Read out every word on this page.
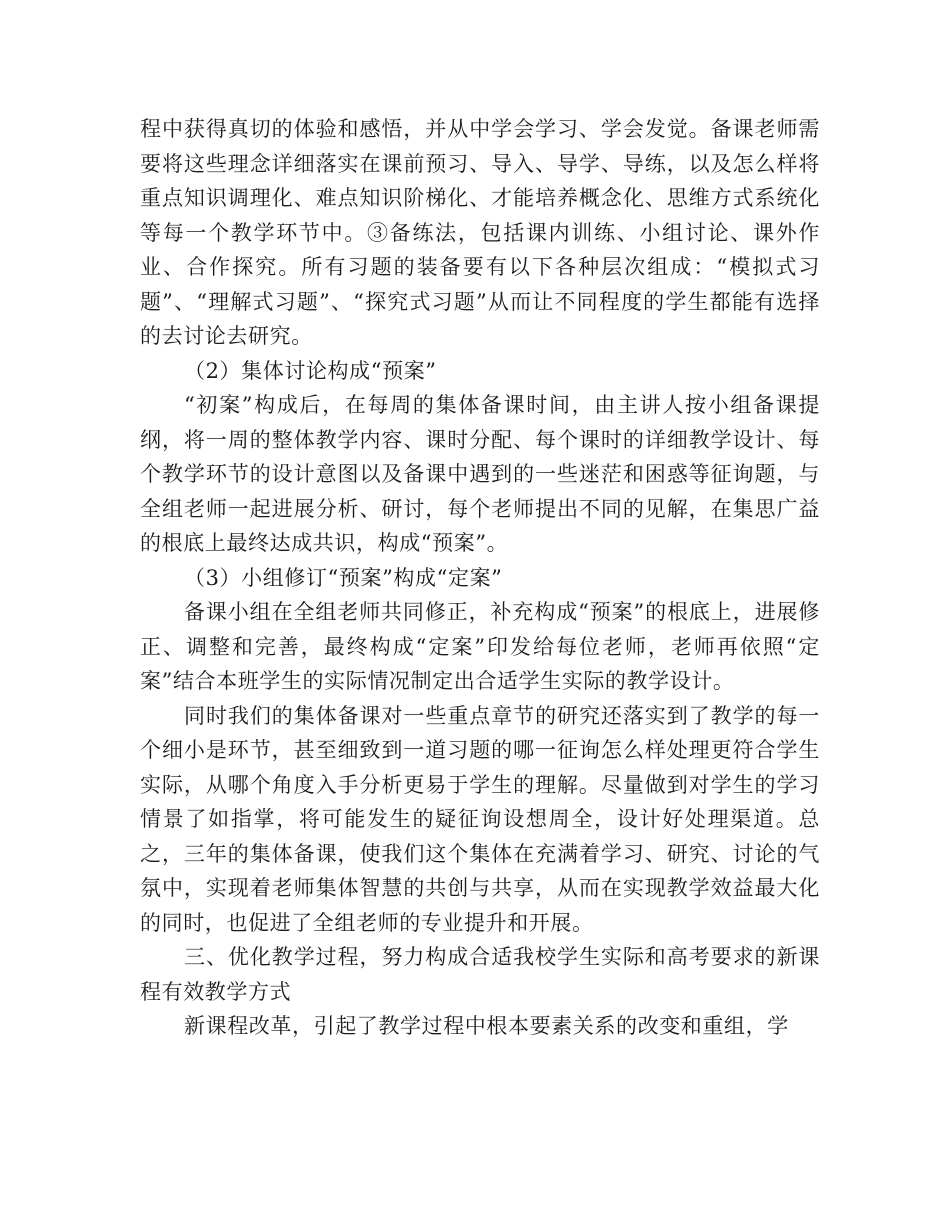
程中获得真切的体验和感悟，并从中学会学习、学会发觉。备课老师需要将这些理念详细落实在课前预习、导入、导学、导练，以及怎么样将重点知识调理化、难点知识阶梯化、才能培养概念化、思维方式系统化等每一个教学环节中。③备练法，包括课内训练、小组讨论、课外作业、合作探究。所有习题的装备要有以下各种层次组成：“模拟式习题”、“理解式习题”、“探究式习题”从而让不同程度的学生都能有选择的去讨论去研究。

（2）集体讨论构成“预案”

“初案”构成后，在每周的集体备课时间，由主讲人按小组备课提纲，将一周的整体教学内容、课时分配、每个课时的详细教学设计、每个教学环节的设计意图以及备课中遇到的一些迷茫和困惑等征询题，与全组老师一起进展分析、研讨，每个老师提出不同的见解，在集思广益的根底上最终达成共识，构成“预案”。

（3）小组修订“预案”构成“定案”

备课小组在全组老师共同修正，补充构成“预案”的根底上，进展修正、调整和完善，最终构成“定案”印发给每位老师，老师再依照“定案”结合本班学生的实际情况制定出合适学生实际的教学设计。

同时我们的集体备课对一些重点章节的研究还落实到了教学的每一个细小是环节，甚至细致到一道习题的哪一征询怎么样处理更符合学生实际，从哪个角度入手分析更易于学生的理解。尽量做到对学生的学习情景了如指掌，将可能发生的疑征询设想周全，设计好处理渠道。总之，三年的集体备课，使我们这个集体在充满着学习、研究、讨论的气氛中，实现着老师集体智慧的共创与共享，从而在实现教学效益最大化的同时，也促进了全组老师的专业提升和开展。

三、优化教学过程，努力构成合适我校学生实际和高考要求的新课程有效教学方式

新课程改革，引起了教学过程中根本要素关系的改变和重组，学
